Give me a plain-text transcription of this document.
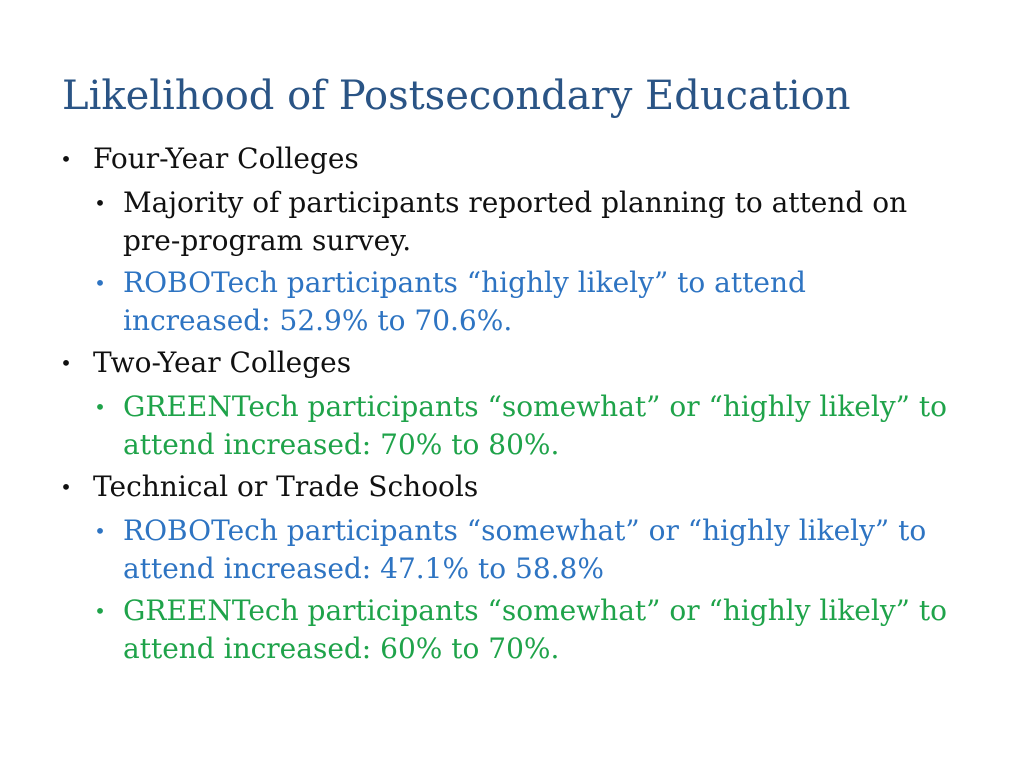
Likelihood of Postsecondary Education
• Four-Year Colleges
• Majority of participants reported planning to attend on pre-program survey.
• ROBOTech participants “highly likely” to attend increased: 52.9% to 70.6%.
• Two-Year Colleges
• GREENTech participants “somewhat” or “highly likely” to attend increased: 70% to 80%.
• Technical or Trade Schools
• ROBOTech participants “somewhat” or “highly likely” to attend increased: 47.1% to 58.8%
• GREENTech participants “somewhat” or “highly likely” to attend increased: 60% to 70%.
